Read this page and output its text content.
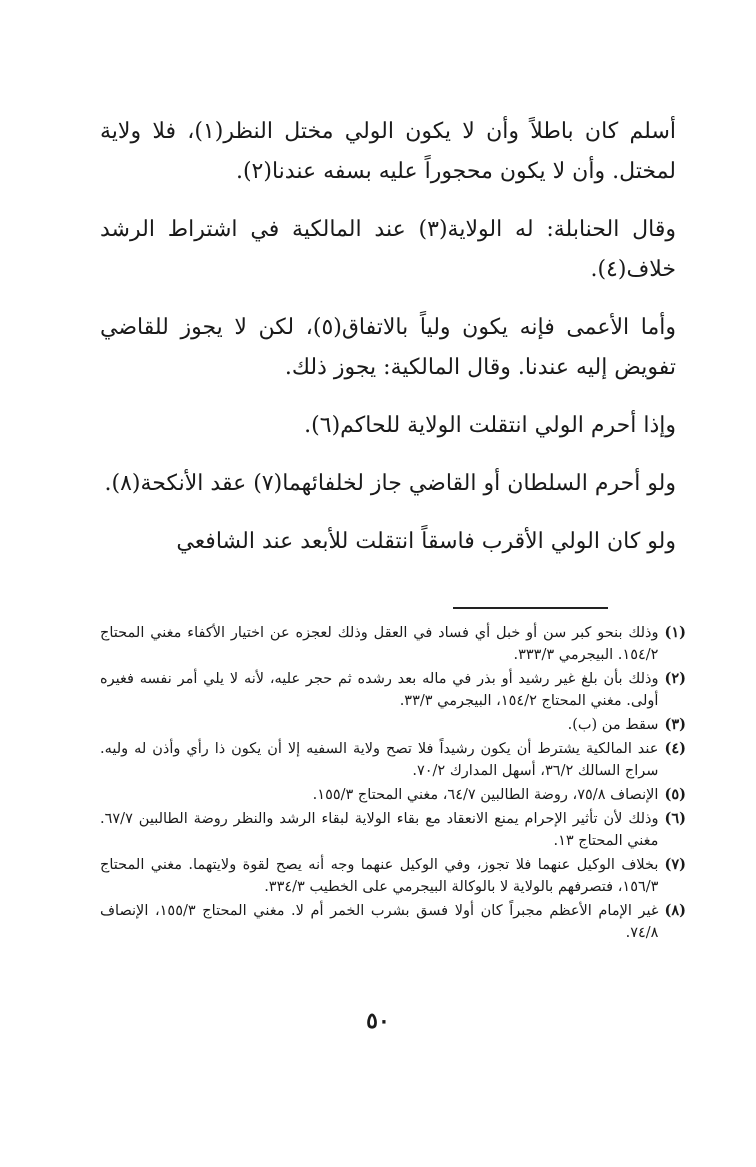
أسلم كان باطلاً وأن لا يكون الولي مختل النظر(١)، فلا ولاية لمختل. وأن لا يكون محجوراً عليه بسفه عندنا(٢).

وقال الحنابلة: له الولاية(٣) عند المالكية في اشتراط الرشد خلاف(٤).

وأما الأعمى فإنه يكون ولياً بالاتفاق(٥)، لكن لا يجوز للقاضي تفويض إليه عندنا. وقال المالكية: يجوز ذلك.

وإذا أحرم الولي انتقلت الولاية للحاكم(٦).

ولو أحرم السلطان أو القاضي جاز لخلفائهما(٧) عقد الأنكحة(٨).

ولو كان الولي الأقرب فاسقاً انتقلت للأبعد عند الشافعي

(١)
وذلك بنحو كبر سن أو خبل أي فساد في العقل وذلك لعجزه عن اختيار الأكفاء مغني المحتاج ١٥٤/٢. البيجرمي ٣٣٣/٣.
(٢)
وذلك بأن بلغ غير رشيد أو بذر في ماله بعد رشده ثم حجر عليه، لأنه لا يلي أمر نفسه فغيره أولى. مغني المحتاج ١٥٤/٢، البيجرمي ٣٣/٣.
(٣)
سقط من (ب).
(٤)
عند المالكية يشترط أن يكون رشيداً فلا تصح ولاية السفيه إلا أن يكون ذا رأي وأذن له وليه. سراج السالك ٣٦/٢، أسهل المدارك ٧٠/٢.
(٥)
الإنصاف ٧٥/٨، روضة الطالبين ٦٤/٧، مغني المحتاج ١٥٥/٣.
(٦)
وذلك لأن تأثير الإحرام يمنع الانعقاد مع بقاء الولاية لبقاء الرشد والنظر روضة الطالبين ٦٧/٧. مغني المحتاج ١٣.
(٧)
بخلاف الوكيل عنهما فلا تجوز، وفي الوكيل عنهما وجه أنه يصح لقوة ولايتهما. مغني المحتاج ١٥٦/٣، فتصرفهم بالولاية لا بالوكالة البيجرمي على الخطيب ٣٣٤/٣.
(٨)
غير الإمام الأعظم مجبراً كان أولا فسق بشرب الخمر أم لا. مغني المحتاج ١٥٥/٣، الإنصاف ٧٤/٨.
٥٠
